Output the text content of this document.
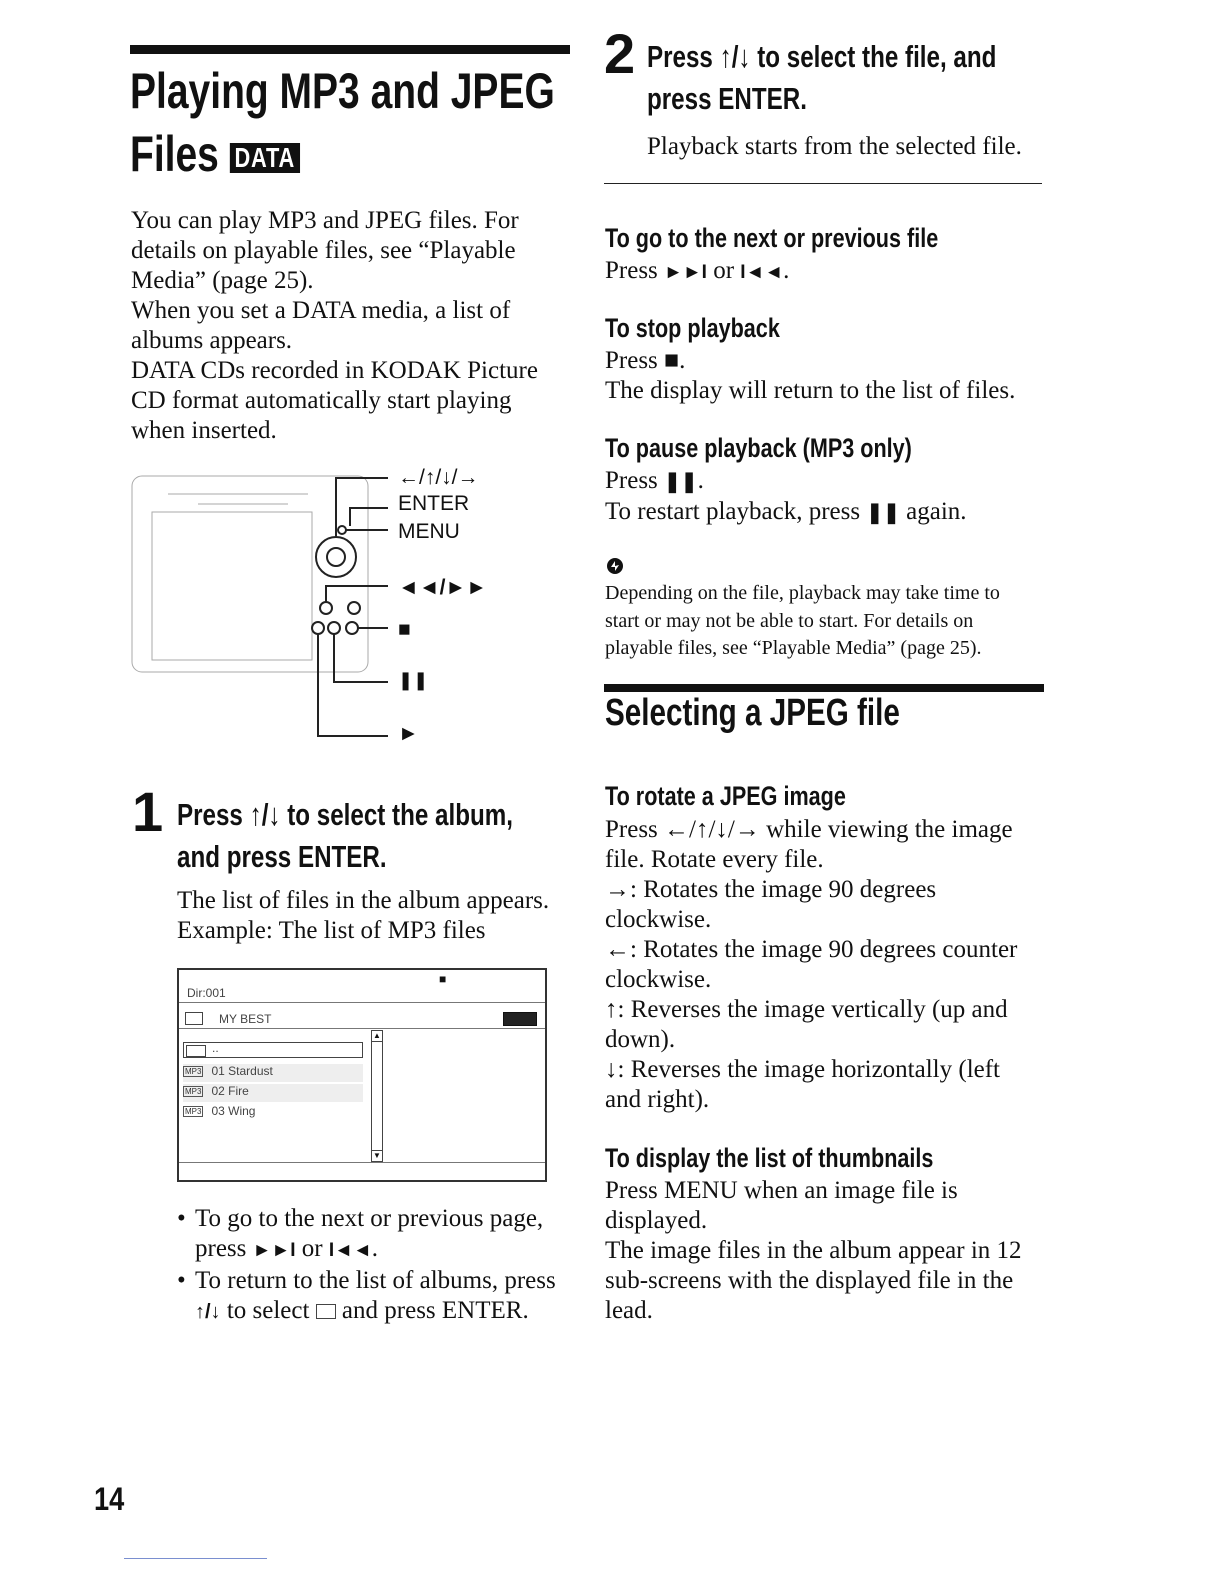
Playing MP3 and JPEG
Files DATA
You can play MP3 and JPEG files. For
details on playable files, see “Playable
Media” (page 25).
When you set a DATA media, a list of
albums appears.
DATA CDs recorded in KODAK Picture
CD format automatically start playing
when inserted.
←/↑/↓/→
ENTER
MENU
◄◄/►►
■
❚❚
►
1 Press ↑/↓ to select the album,
and press ENTER.
The list of files in the album appears.
Example: The list of MP3 files
■
Dir:001
MY BEST
▲
▼
..
MP3 01 Stardust
MP3 02 Fire
MP3 03 Wing
• To go to the next or previous page,
press ►►I or I◄◄.
• To return to the list of albums, press
↑/↓ to select and press ENTER.
14
2 Press ↑/↓ to select the file, and
press ENTER.
Playback starts from the selected file.
To go to the next or previous file
Press ►►I or I◄◄.
To stop playback
Press ■.
The display will return to the list of files.
To pause playback (MP3 only)
Press ❚❚.
To restart playback, press ❚❚ again.
Depending on the file, playback may take time to
start or may not be able to start. For details on
playable files, see “Playable Media” (page 25).
Selecting a JPEG file
To rotate a JPEG image
Press ←/↑/↓/→ while viewing the image
file. Rotate every file.
→: Rotates the image 90 degrees
clockwise.
←: Rotates the image 90 degrees counter
clockwise.
↑: Reverses the image vertically (up and
down).
↓: Reverses the image horizontally (left
and right).
To display the list of thumbnails
Press MENU when an image file is
displayed.
The image files in the album appear in 12
sub-screens with the displayed file in the
lead.
